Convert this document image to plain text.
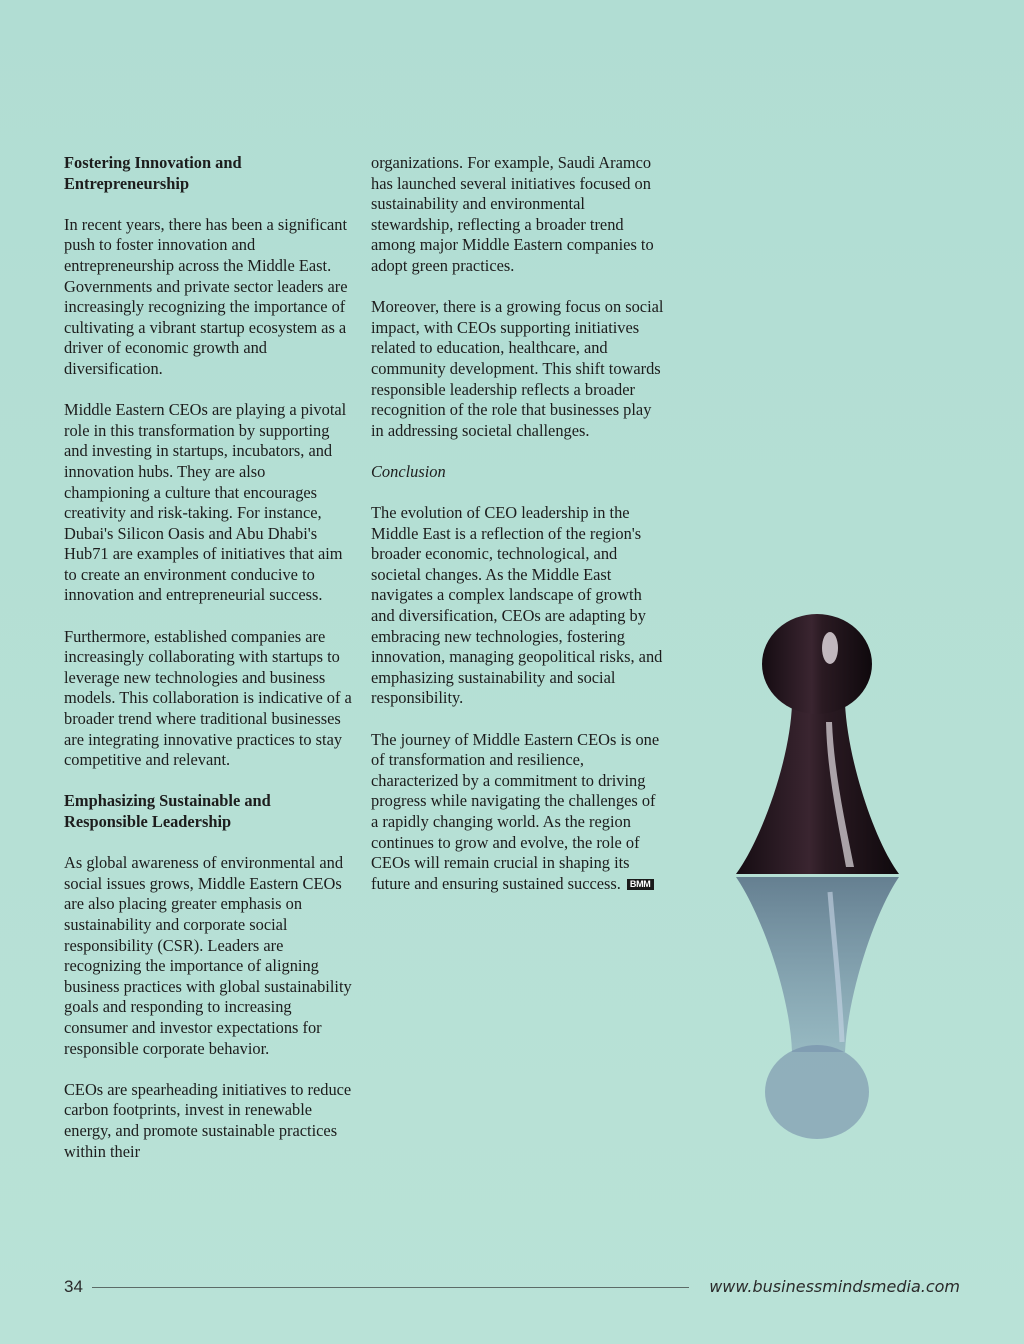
Fostering Innovation and Entrepreneurship

In recent years, there has been a significant push to foster innovation and entrepreneurship across the Middle East. Governments and private sector leaders are increasingly recognizing the importance of cultivating a vibrant startup ecosystem as a driver of economic growth and diversification.

Middle Eastern CEOs are playing a pivotal role in this transformation by supporting and investing in startups, incubators, and innovation hubs. They are also championing a culture that encourages creativity and risk-taking. For instance, Dubai's Silicon Oasis and Abu Dhabi's Hub71 are examples of initiatives that aim to create an environment conducive to innovation and entrepreneurial success.

Furthermore, established companies are increasingly collaborating with startups to leverage new technologies and business models. This collaboration is indicative of a broader trend where traditional businesses are integrating innovative practices to stay competitive and relevant.

Emphasizing Sustainable and Responsible Leadership

As global awareness of environmental and social issues grows, Middle Eastern CEOs are also placing greater emphasis on sustainability and corporate social responsibility (CSR). Leaders are recognizing the importance of aligning business practices with global sustainability goals and responding to increasing consumer and investor expectations for responsible corporate behavior.

CEOs are spearheading initiatives to reduce carbon footprints, invest in renewable energy, and promote sustainable practices within their

organizations. For example, Saudi Aramco has launched several initiatives focused on sustainability and environmental stewardship, reflecting a broader trend among major Middle Eastern companies to adopt green practices.

Moreover, there is a growing focus on social impact, with CEOs supporting initiatives related to education, healthcare, and community development. This shift towards responsible leadership reflects a broader recognition of the role that businesses play in addressing societal challenges.

Conclusion

The evolution of CEO leadership in the Middle East is a reflection of the region's broader economic, technological, and societal changes. As the Middle East navigates a complex landscape of growth and diversification, CEOs are adapting by embracing new technologies, fostering innovation, managing geopolitical risks, and emphasizing sustainability and social responsibility.

The journey of Middle Eastern CEOs is one of transformation and resilience, characterized by a commitment to driving progress while navigating the challenges of a rapidly changing world. As the region continues to grow and evolve, the role of CEOs will remain crucial in shaping its future and ensuring sustained success. BMM

34	www.businessmindsmedia.com
